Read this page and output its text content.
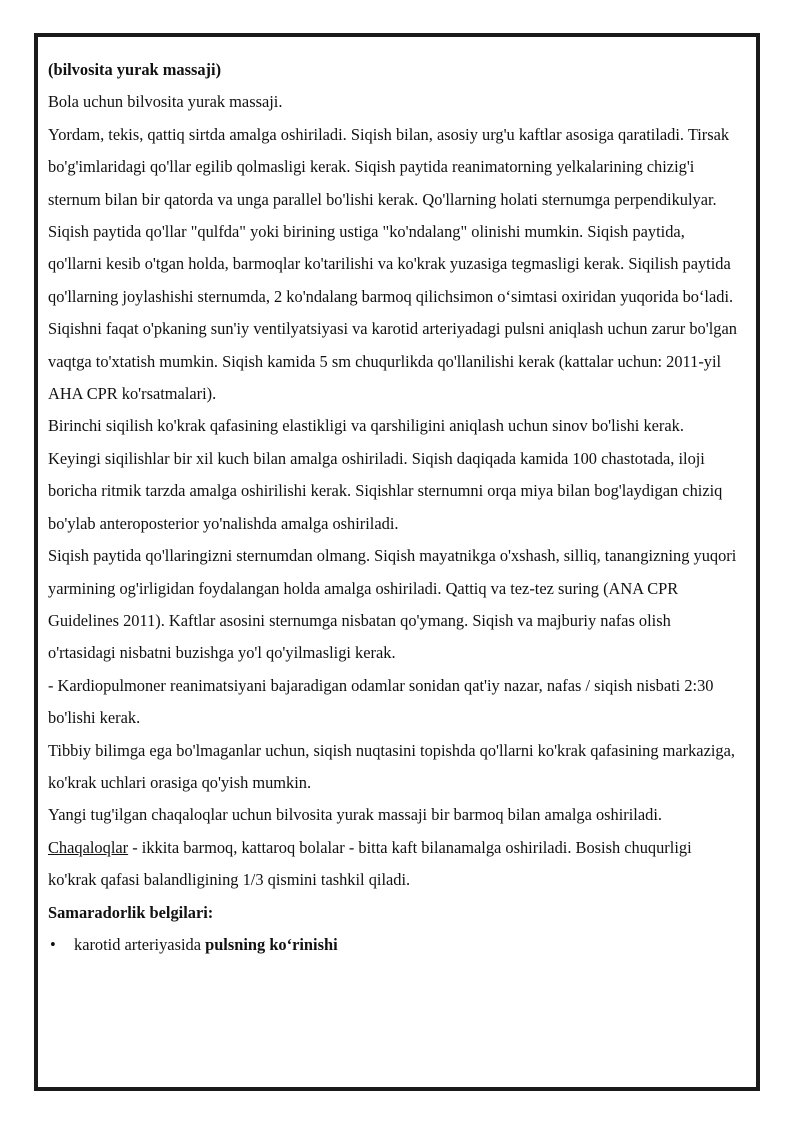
(bilvosita yurak massaji)

Bola uchun bilvosita yurak massaji.

Yordam, tekis, qattiq sirtda amalga oshiriladi. Siqish bilan, asosiy urg'u kaftlar asosiga qaratiladi. Tirsak bo'g'imlaridagi qo'llar egilib qolmasligi kerak. Siqish paytida reanimatorning yelkalarining chizig'i sternum bilan bir qatorda va unga parallel bo'lishi kerak. Qo'llarning holati sternumga perpendikulyar. Siqish paytida qo'llar "qulfda" yoki birining ustiga "ko'ndalang" olinishi mumkin. Siqish paytida, qo'llarni kesib o'tgan holda, barmoqlar ko'tarilishi va ko'krak yuzasiga tegmasligi kerak. Siqilish paytida qo'llarning joylashishi sternumda, 2 ko'ndalang barmoq qilichsimon o‘simtasi oxiridan yuqorida bo‘ladi. Siqishni faqat o'pkaning sun'iy ventilyatsiyasi va karotid arteriyadagi pulsni aniqlash uchun zarur bo'lgan vaqtga to'xtatish mumkin. Siqish kamida 5 sm chuqurlikda qo'llanilishi kerak (kattalar uchun: 2011-yil AHA CPR ko'rsatmalari).

Birinchi siqilish ko'krak qafasining elastikligi va qarshiligini aniqlash uchun sinov bo'lishi kerak. Keyingi siqilishlar bir xil kuch bilan amalga oshiriladi. Siqish daqiqada kamida 100 chastotada, iloji boricha ritmik tarzda amalga oshirilishi kerak. Siqishlar sternumni orqa miya bilan bog'laydigan chiziq bo'ylab anteroposterior yo'nalishda amalga oshiriladi.

Siqish paytida qo'llaringizni sternumdan olmang. Siqish mayatnikga o'xshash, silliq, tanangizning yuqori yarmining og'irligidan foydalangan holda amalga oshiriladi. Qattiq va tez-tez suring (ANA CPR Guidelines 2011). Kaftlar asosini sternumga nisbatan qo'ymang. Siqish va majburiy nafas olish o'rtasidagi nisbatni buzishga yo'l qo'yilmasligi kerak.

- Kardiopulmoner reanimatsiyani bajaradigan odamlar sonidan qat'iy nazar, nafas / siqish nisbati 2:30 bo'lishi kerak.

Tibbiy bilimga ega bo'lmaganlar uchun, siqish nuqtasini topishda qo'llarni ko'krak qafasining markaziga, ko'krak uchlari orasiga qo'yish mumkin.

Yangi tug'ilgan chaqaloqlar uchun bilvosita yurak massaji bir barmoq bilan amalga oshiriladi. Chaqaloqlar - ikkita barmoq, kattaroq bolalar - bitta kaft bilanamalga oshiriladi. Bosish chuqurligi ko'krak qafasi balandligining 1/3 qismini tashkil qiladi.

Samaradorlik belgilari:

• karotid arteriyasida pulsning ko‘rinishi
